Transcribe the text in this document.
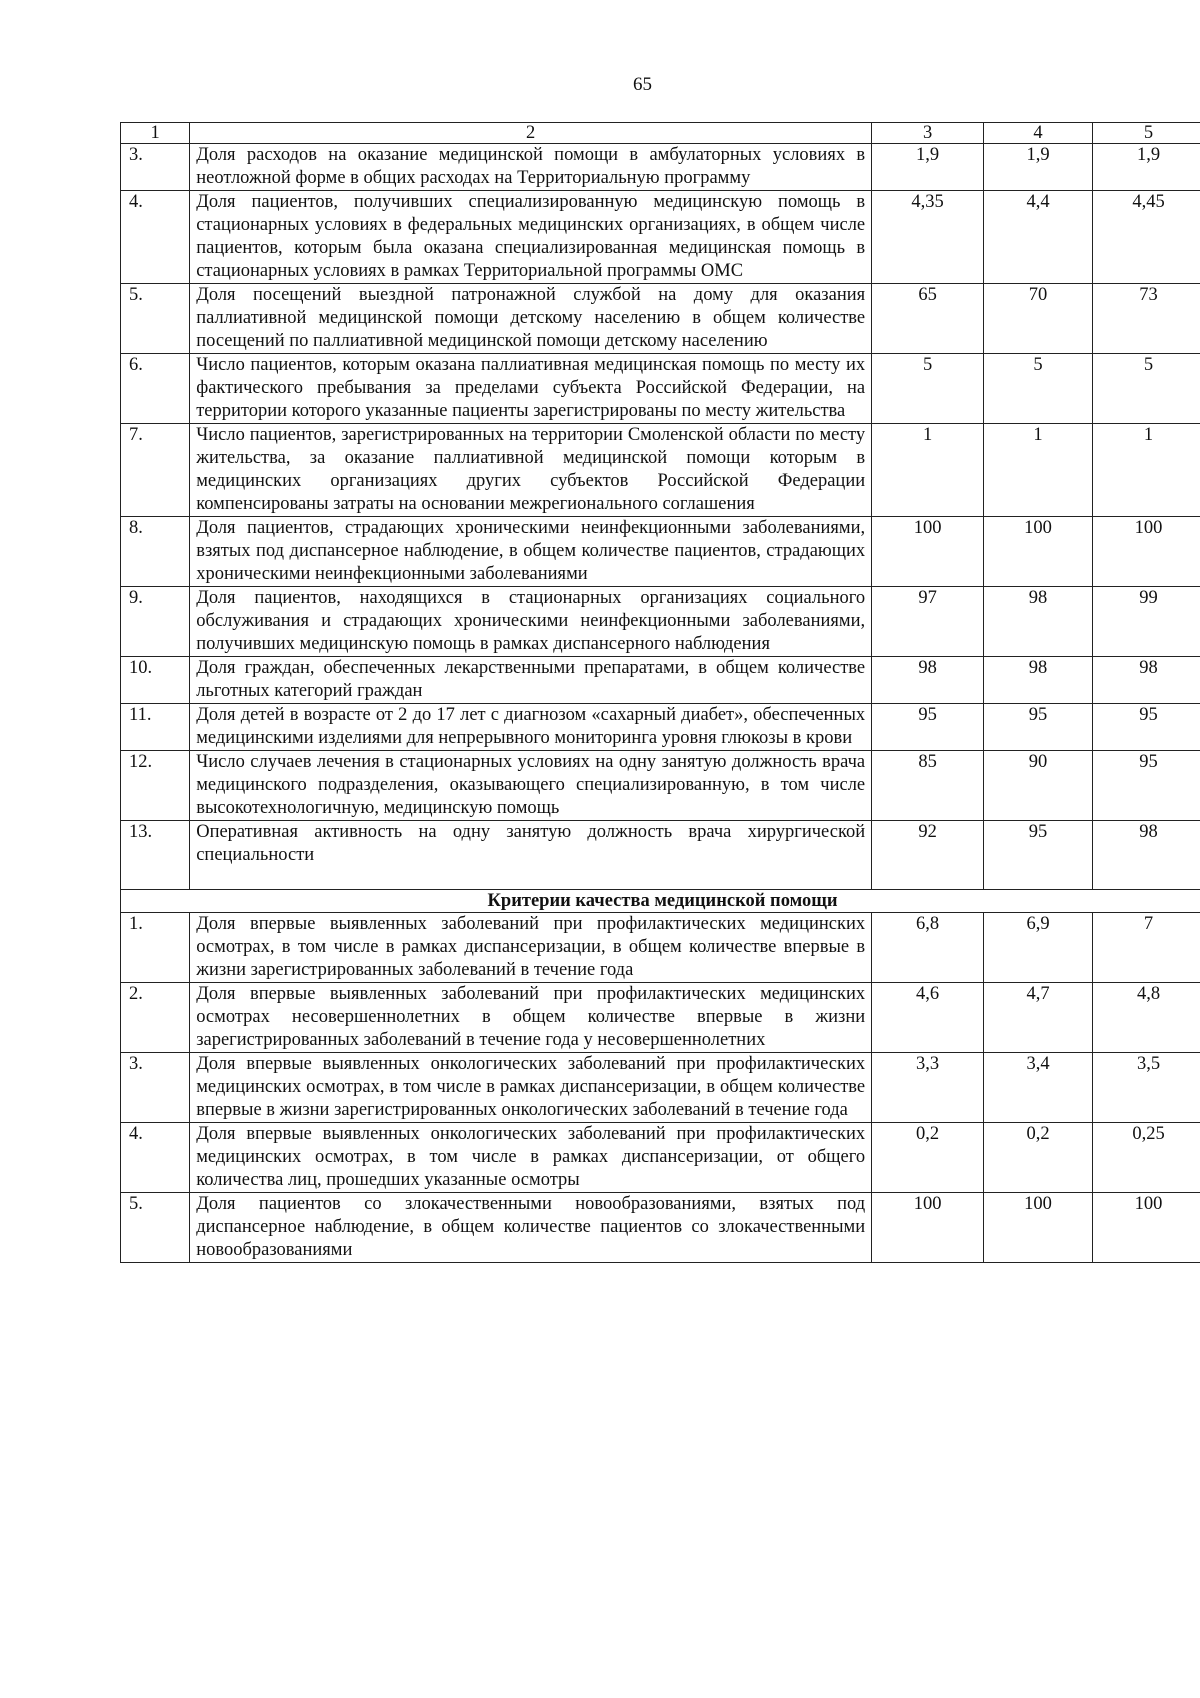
65
1	2	3	4	5
3.	Доля расходов на оказание медицинской помощи в амбулаторных условиях в неотложной форме в общих расходах на Территориальную программу	1,9	1,9	1,9
4.	Доля пациентов, получивших специализированную медицинскую помощь в стационарных условиях в федеральных медицинских организациях, в общем числе пациентов, которым была оказана специализированная медицинская помощь в стационарных условиях в рамках Территориальной программы ОМС	4,35	4,4	4,45
5.	Доля посещений выездной патронажной службой на дому для оказания паллиативной медицинской помощи детскому населению в общем количестве посещений по паллиативной медицинской помощи детскому населению	65	70	73
6.	Число пациентов, которым оказана паллиативная медицинская помощь по месту их фактического пребывания за пределами субъекта Российской Федерации, на территории которого указанные пациенты зарегистрированы по месту жительства	5	5	5
7.	Число пациентов, зарегистрированных на территории Смоленской области по месту жительства, за оказание паллиативной медицинской помощи которым в медицинских организациях других субъектов Российской Федерации компенсированы затраты на основании межрегионального соглашения	1	1	1
8.	Доля пациентов, страдающих хроническими неинфекционными заболеваниями, взятых под диспансерное наблюдение, в общем количестве пациентов, страдающих хроническими неинфекционными заболеваниями	100	100	100
9.	Доля пациентов, находящихся в стационарных организациях социального обслуживания и страдающих хроническими неинфекционными заболеваниями, получивших медицинскую помощь в рамках диспансерного наблюдения	97	98	99
10.	Доля граждан, обеспеченных лекарственными препаратами, в общем количестве льготных категорий граждан	98	98	98
11.	Доля детей в возрасте от 2 до 17 лет с диагнозом «сахарный диабет», обеспеченных медицинскими изделиями для непрерывного мониторинга уровня глюкозы в крови	95	95	95
12.	Число случаев лечения в стационарных условиях на одну занятую должность врача медицинского подразделения, оказывающего специализированную, в том числе высокотехнологичную, медицинскую помощь	85	90	95
13.	Оперативная активность на одну занятую должность врача хирургической специальности	92	95	98
Критерии качества медицинской помощи				
1.	Доля впервые выявленных заболеваний при профилактических медицинских осмотрах, в том числе в рамках диспансеризации, в общем количестве впервые в жизни зарегистрированных заболеваний в течение года	6,8	6,9	7
2.	Доля впервые выявленных заболеваний при профилактических медицинских осмотрах несовершеннолетних в общем количестве впервые в жизни зарегистрированных заболеваний в течение года у несовершеннолетних	4,6	4,7	4,8
3.	Доля впервые выявленных онкологических заболеваний при профилактических медицинских осмотрах, в том числе в рамках диспансеризации, в общем количестве впервые в жизни зарегистрированных онкологических заболеваний в течение года	3,3	3,4	3,5
4.	Доля впервые выявленных онкологических заболеваний при профилактических медицинских осмотрах, в том числе в рамках диспансеризации, от общего количества лиц, прошедших указанные осмотры	0,2	0,2	0,25
5.	Доля пациентов со злокачественными новообразованиями, взятых под диспансерное наблюдение, в общем количестве пациентов со злокачественными новообразованиями	100	100	100
